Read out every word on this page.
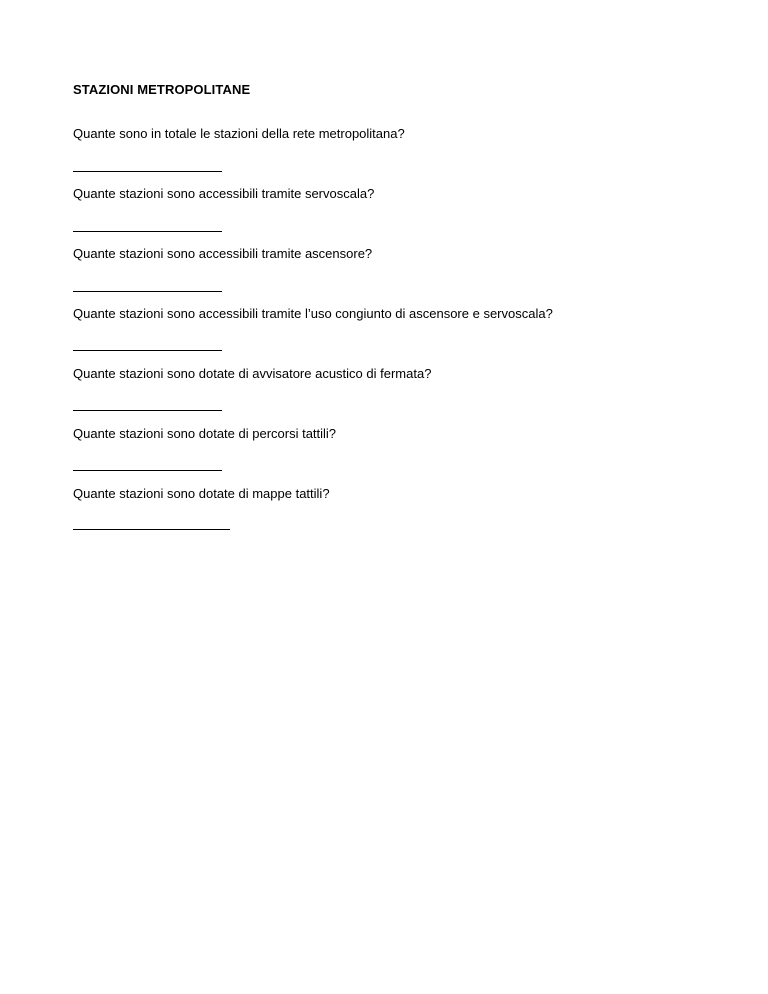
STAZIONI METROPOLITANE
Quante sono in totale le stazioni della rete metropolitana?
Quante stazioni sono accessibili tramite servoscala?
Quante stazioni sono accessibili tramite ascensore?
Quante stazioni sono accessibili tramite l’uso congiunto di ascensore e servoscala?
Quante stazioni sono dotate di avvisatore acustico di fermata?
Quante stazioni sono dotate di percorsi tattili?
Quante stazioni sono dotate di mappe tattili?
